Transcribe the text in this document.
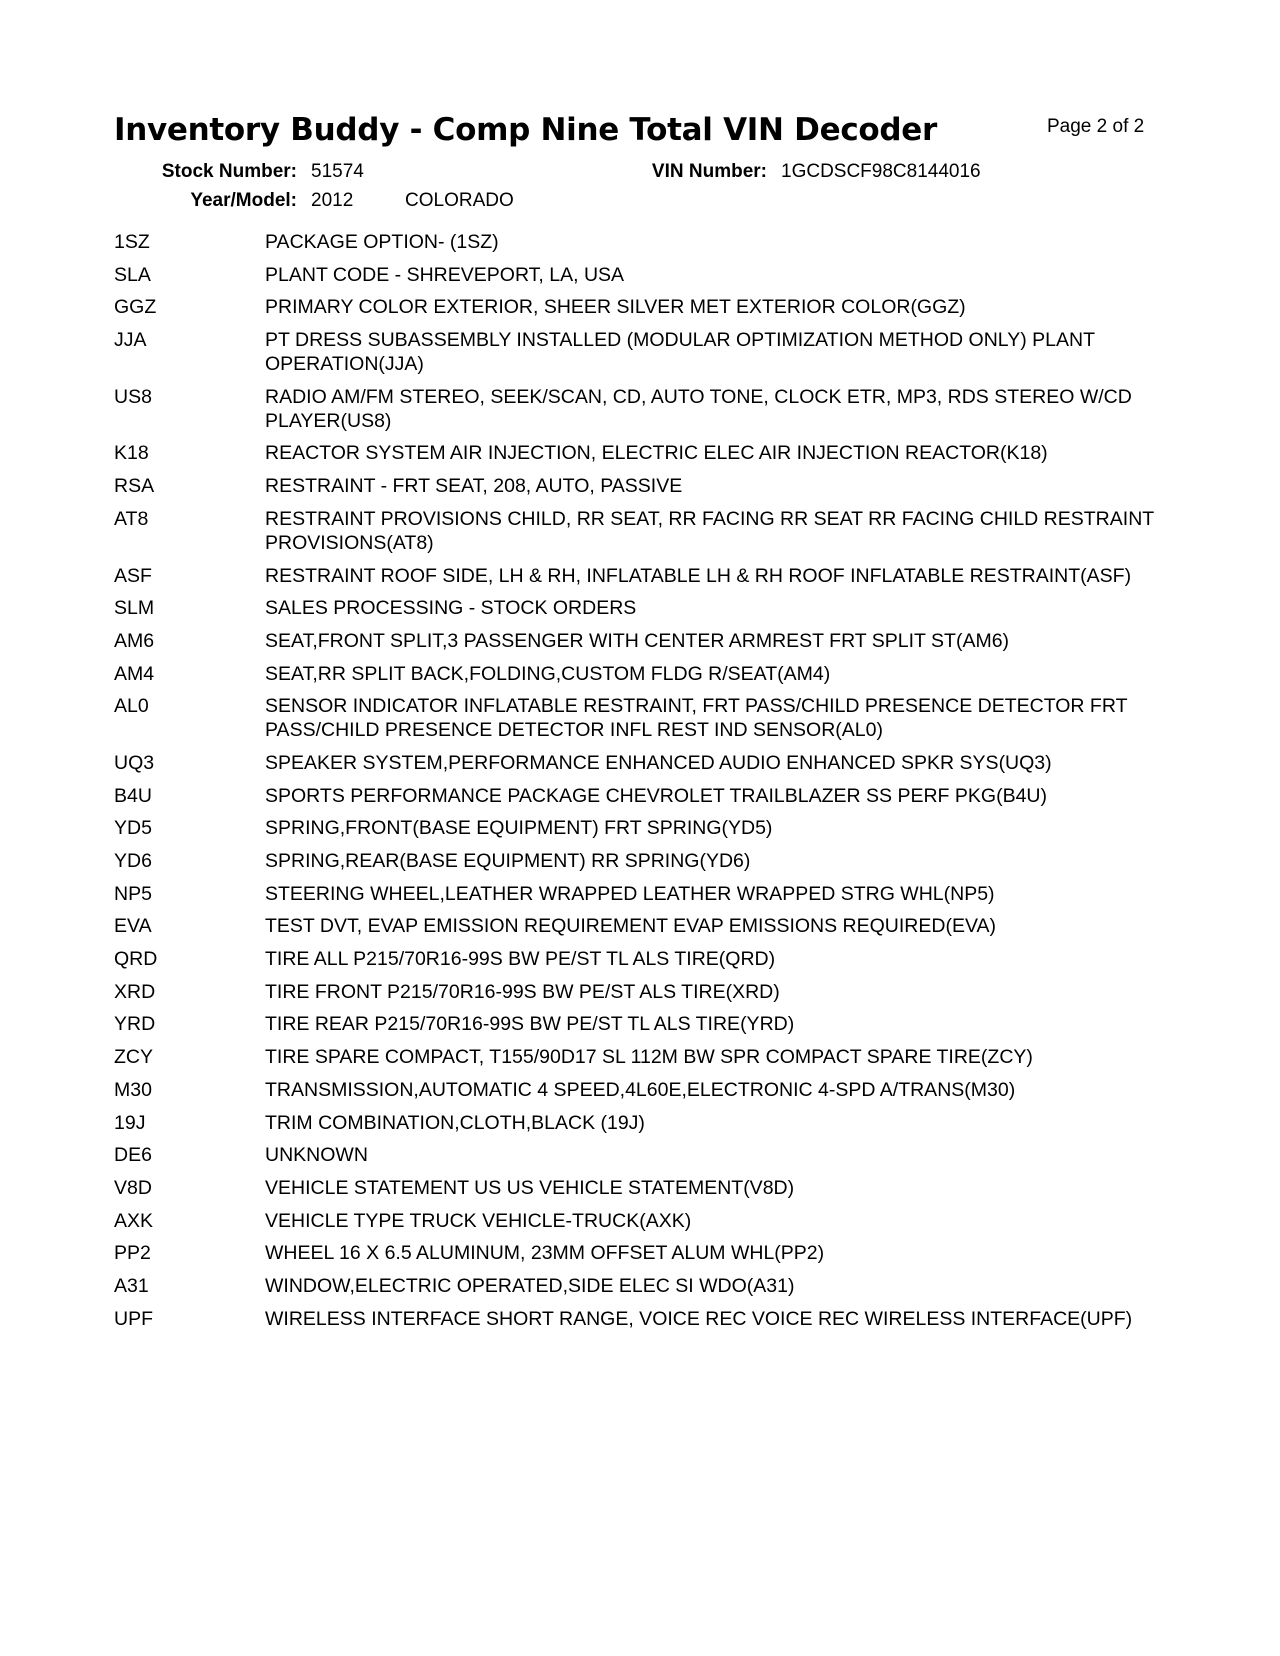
Inventory Buddy - Comp Nine Total VIN Decoder	Page 2 of 2
Stock Number: 51574	VIN Number: 1GCDSCF98C8144016
Year/Model: 2012	COLORADO
1SZ	PACKAGE OPTION- (1SZ)
SLA	PLANT CODE - SHREVEPORT, LA, USA
GGZ	PRIMARY COLOR EXTERIOR, SHEER SILVER MET EXTERIOR COLOR(GGZ)
JJA	PT DRESS SUBASSEMBLY INSTALLED (MODULAR OPTIMIZATION METHOD ONLY) PLANT OPERATION(JJA)
US8	RADIO AM/FM STEREO, SEEK/SCAN, CD, AUTO TONE, CLOCK ETR, MP3, RDS STEREO W/CD PLAYER(US8)
K18	REACTOR SYSTEM AIR INJECTION, ELECTRIC ELEC AIR INJECTION REACTOR(K18)
RSA	RESTRAINT - FRT SEAT, 208, AUTO, PASSIVE
AT8	RESTRAINT PROVISIONS CHILD, RR SEAT, RR FACING RR SEAT RR FACING CHILD RESTRAINT PROVISIONS(AT8)
ASF	RESTRAINT ROOF SIDE, LH & RH, INFLATABLE LH & RH ROOF INFLATABLE RESTRAINT(ASF)
SLM	SALES PROCESSING - STOCK ORDERS
AM6	SEAT,FRONT SPLIT,3 PASSENGER WITH CENTER ARMREST FRT SPLIT ST(AM6)
AM4	SEAT,RR SPLIT BACK,FOLDING,CUSTOM FLDG R/SEAT(AM4)
AL0	SENSOR INDICATOR INFLATABLE RESTRAINT, FRT PASS/CHILD PRESENCE DETECTOR FRT PASS/CHILD PRESENCE DETECTOR INFL REST IND SENSOR(AL0)
UQ3	SPEAKER SYSTEM,PERFORMANCE ENHANCED AUDIO ENHANCED SPKR SYS(UQ3)
B4U	SPORTS PERFORMANCE PACKAGE CHEVROLET TRAILBLAZER SS PERF PKG(B4U)
YD5	SPRING,FRONT(BASE EQUIPMENT) FRT SPRING(YD5)
YD6	SPRING,REAR(BASE EQUIPMENT) RR SPRING(YD6)
NP5	STEERING WHEEL,LEATHER WRAPPED LEATHER WRAPPED STRG WHL(NP5)
EVA	TEST DVT, EVAP EMISSION REQUIREMENT EVAP EMISSIONS REQUIRED(EVA)
QRD	TIRE ALL P215/70R16-99S BW PE/ST TL ALS TIRE(QRD)
XRD	TIRE FRONT P215/70R16-99S BW PE/ST ALS TIRE(XRD)
YRD	TIRE REAR P215/70R16-99S BW PE/ST TL ALS TIRE(YRD)
ZCY	TIRE SPARE COMPACT, T155/90D17 SL 112M BW SPR COMPACT SPARE TIRE(ZCY)
M30	TRANSMISSION,AUTOMATIC 4 SPEED,4L60E,ELECTRONIC 4-SPD A/TRANS(M30)
19J	TRIM COMBINATION,CLOTH,BLACK (19J)
DE6	UNKNOWN
V8D	VEHICLE STATEMENT US US VEHICLE STATEMENT(V8D)
AXK	VEHICLE TYPE TRUCK VEHICLE-TRUCK(AXK)
PP2	WHEEL 16 X 6.5 ALUMINUM, 23MM OFFSET ALUM WHL(PP2)
A31	WINDOW,ELECTRIC OPERATED,SIDE ELEC SI WDO(A31)
UPF	WIRELESS INTERFACE SHORT RANGE, VOICE REC VOICE REC WIRELESS INTERFACE(UPF)
